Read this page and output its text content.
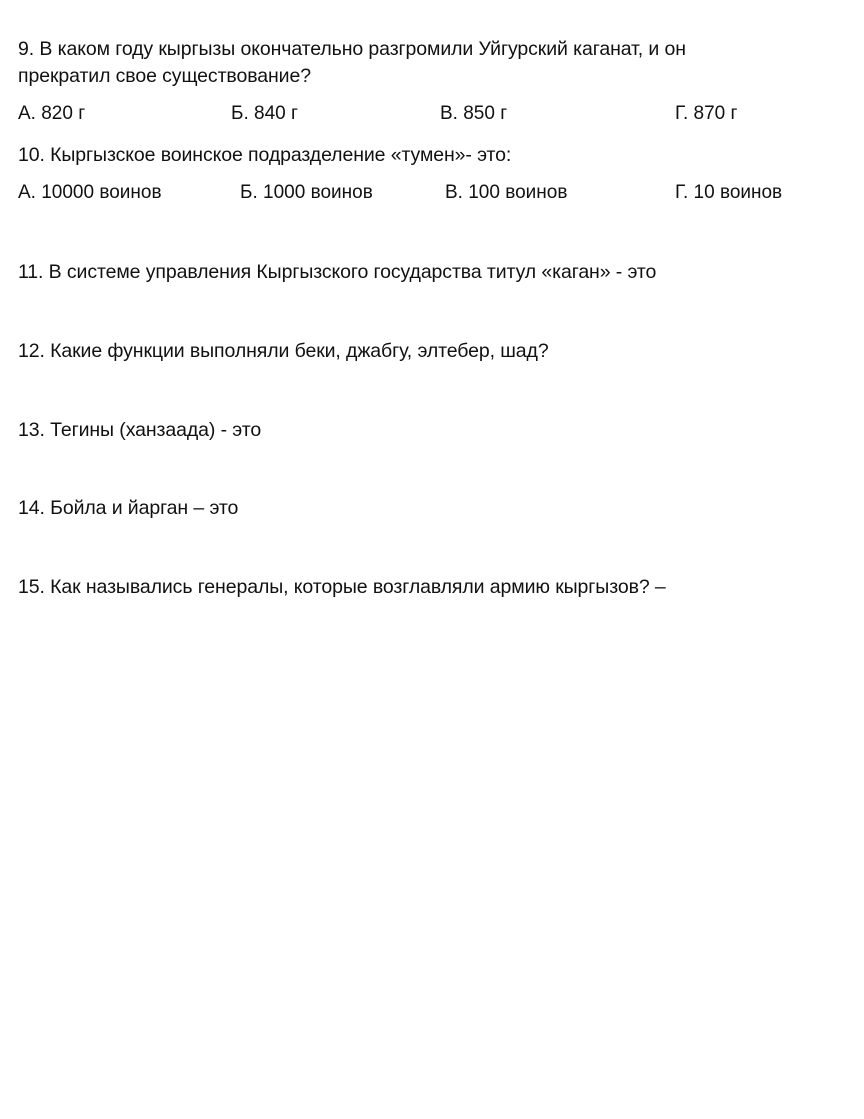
9. В каком году кыргызы окончательно разгромили Уйгурский каганат, и он
прекратил свое существование?
А. 820 г	Б. 840 г	В. 850 г	Г. 870 г
10. Кыргызское воинское подразделение «тумен»- это:
А. 10000 воинов	Б. 1000 воинов	В. 100 воинов	Г. 10 воинов
11. В системе управления Кыргызского государства титул «каган» - это
12. Какие функции выполняли беки, джабгу, элтебер, шад?
13. Тегины (ханзаада) - это
14. Бойла и йарган – это
15. Как назывались генералы, которые возглавляли армию кыргызов? –
